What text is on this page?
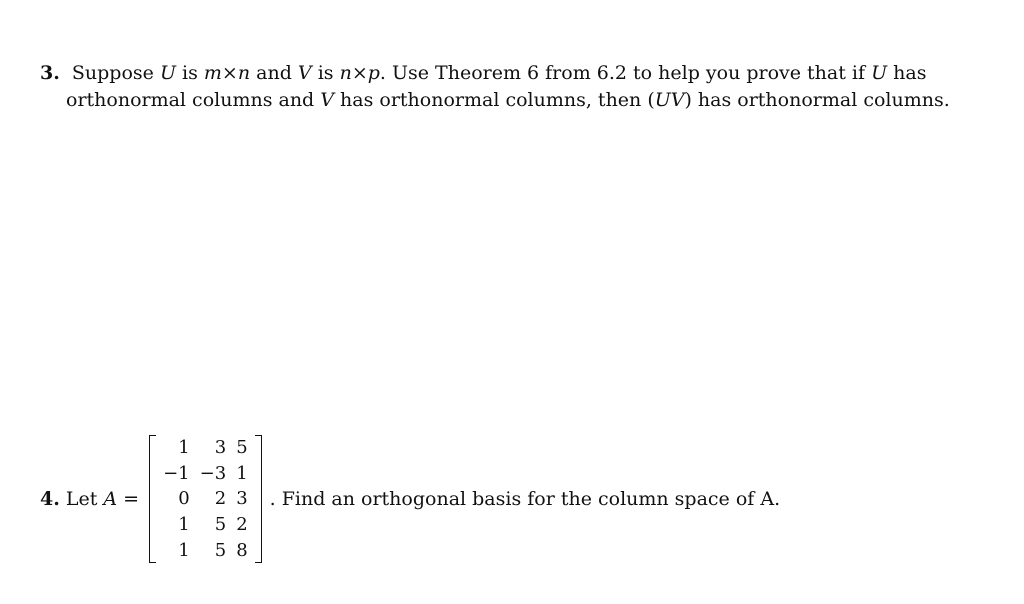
3. Suppose U is m×n and V is n×p. Use Theorem 6 from 6.2 to help you prove that if U has
orthonormal columns and V has orthonormal columns, then (UV) has orthonormal columns.
4. Let
A
=
1	3	5
−1	−3	1
0	2	3
1	5	2
1	5	8
. Find an orthogonal basis for the column space of A.
